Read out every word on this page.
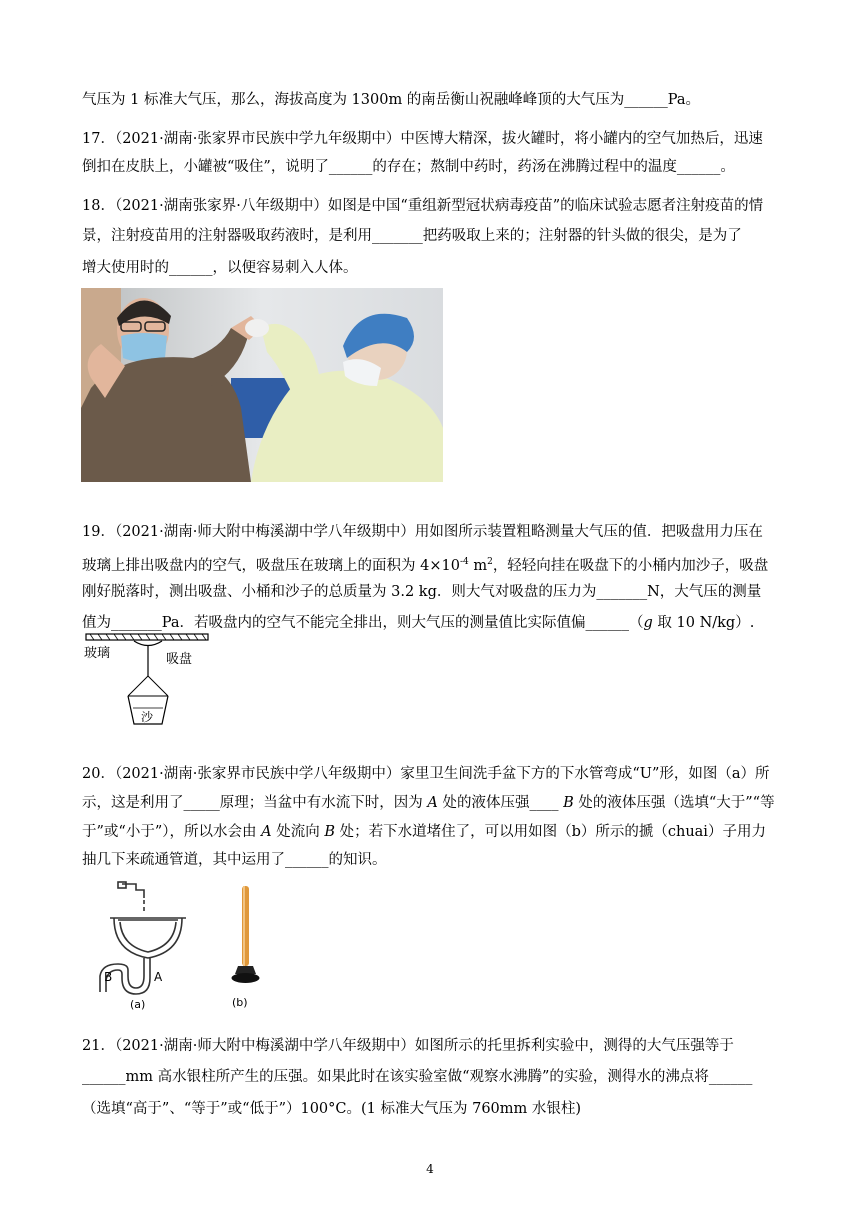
气压为 1 标准大气压，那么，海拔高度为 1300m 的南岳衡山祝融峰峰顶的大气压为______Pa。
17．（2021·湖南·张家界市民族中学九年级期中）中医博大精深，拔火罐时，将小罐内的空气加热后，迅速
倒扣在皮肤上，小罐被“吸住”，说明了______的存在；熬制中药时，药汤在沸腾过程中的温度______。
18．（2021·湖南张家界·八年级期中）如图是中国“重组新型冠状病毒疫苗”的临床试验志愿者注射疫苗的情
景，注射疫苗用的注射器吸取药液时，是利用_______把药吸取上来的；注射器的针头做的很尖，是为了
增大使用时的______，以便容易刺入人体。
19．（2021·湖南·师大附中梅溪湖中学八年级期中）用如图所示装置粗略测量大气压的值．把吸盘用力压在
玻璃上排出吸盘内的空气，吸盘压在玻璃上的面积为 $4\times 10^{-4}$ $m^2$，轻轻向挂在吸盘下的小桶内加沙子，吸盘
刚好脱落时，测出吸盘、小桶和沙子的总质量为 3.2 kg．则大气对吸盘的压力为_______N，大气压的测量
值为_______Pa．若吸盘内的空气不能完全排出，则大气压的测量值比实际值偏______（g 取 10 N/kg）.
玻璃	吸盘
沙
20．（2021·湖南·张家界市民族中学八年级期中）家里卫生间洗手盆下方的下水管弯成“U”形，如图（a）所
示，这是利用了_____原理；当盆中有水流下时，因为 A 处的液体压强____ B 处的液体压强（选填“大于”“等
于”或“小于”），所以水会由 A 处流向 B 处；若下水道堵住了，可以用如图（b）所示的搋（chuai）子用力
抽几下来疏通管道，其中运用了______的知识。
B	A
(a)	(b)
21．（2021·湖南·师大附中梅溪湖中学八年级期中）如图所示的托里拆利实验中，测得的大气压强等于
______mm 高水银柱所产生的压强。如果此时在该实验室做“观察水沸腾”的实验，测得水的沸点将______
（选填“高于”、“等于”或“低于”）100°C。(1 标准大气压为 760mm 水银柱)
4
